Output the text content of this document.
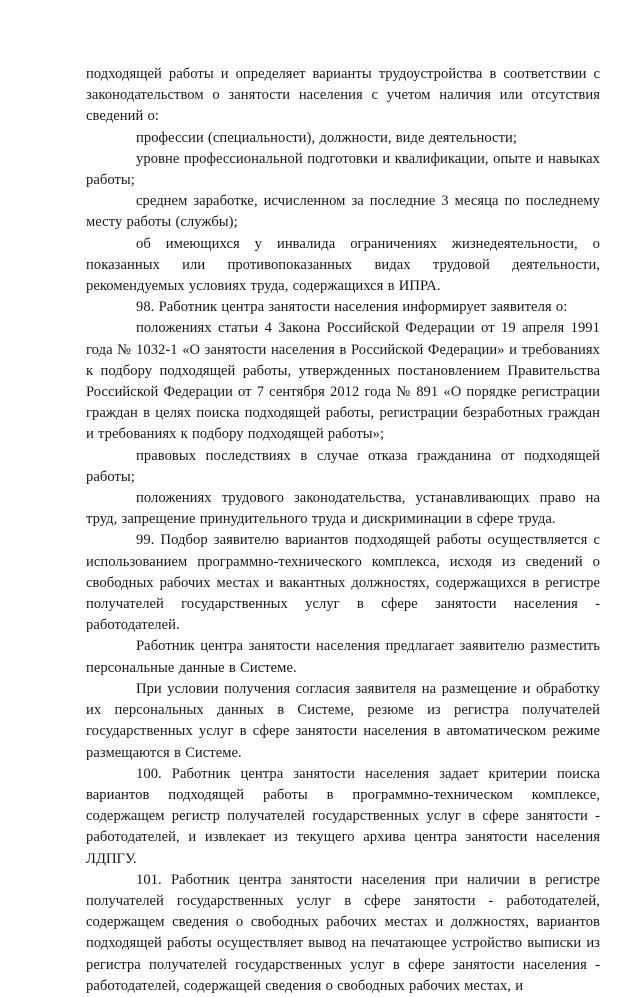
подходящей работы и определяет варианты трудоустройства в соответствии с законодательством о занятости населения с учетом наличия или отсутствия сведений о:

профессии (специальности), должности, виде деятельности;

уровне профессиональной подготовки и квалификации, опыте и навыках работы;

среднем заработке, исчисленном за последние 3 месяца по последнему месту работы (службы);

об имеющихся у инвалида ограничениях жизнедеятельности, о показанных или противопоказанных видах трудовой деятельности, рекомендуемых условиях труда, содержащихся в ИПРА.

98. Работник центра занятости населения информирует заявителя о:

положениях статьи 4 Закона Российской Федерации от 19 апреля 1991 года № 1032-1 «О занятости населения в Российской Федерации» и требованиях к подбору подходящей работы, утвержденных постановлением Правительства Российской Федерации от 7 сентября 2012 года № 891 «О порядке регистрации граждан в целях поиска подходящей работы, регистрации безработных граждан и требованиях к подбору подходящей работы»;

правовых последствиях в случае отказа гражданина от подходящей работы;

положениях трудового законодательства, устанавливающих право на труд, запрещение принудительного труда и дискриминации в сфере труда.

99. Подбор заявителю вариантов подходящей работы осуществляется с использованием программно-технического комплекса, исходя из сведений о свободных рабочих местах и вакантных должностях, содержащихся в регистре получателей государственных услуг в сфере занятости населения - работодателей.

Работник центра занятости населения предлагает заявителю разместить персональные данные в Системе.

При условии получения согласия заявителя на размещение и обработку их персональных данных в Системе, резюме из регистра получателей государственных услуг в сфере занятости населения в автоматическом режиме размещаются в Системе.

100. Работник центра занятости населения задает критерии поиска вариантов подходящей работы в программно-техническом комплексе, содержащем регистр получателей государственных услуг в сфере занятости - работодателей, и извлекает из текущего архива центра занятости населения ЛДПГУ.

101. Работник центра занятости населения при наличии в регистре получателей государственных услуг в сфере занятости - работодателей, содержащем сведения о свободных рабочих местах и должностях, вариантов подходящей работы осуществляет вывод на печатающее устройство выписки из регистра получателей государственных услуг в сфере занятости населения - работодателей, содержащей сведения о свободных рабочих местах, и
